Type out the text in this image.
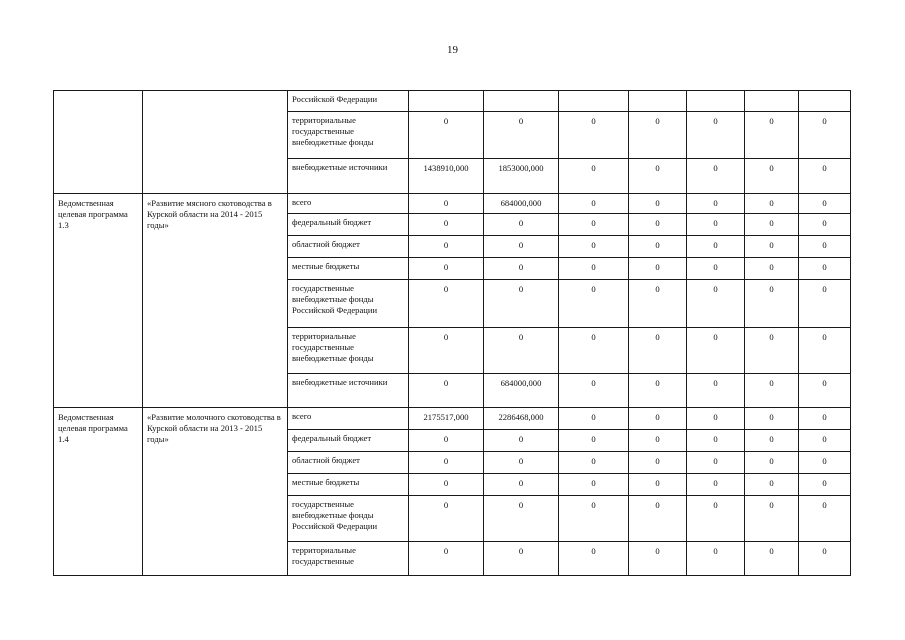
19
		Российской Федерации							
		территориальные государственные внебюджетные фонды	0	0	0	0	0	0	0
		внебюджетные источники	1438910,000	1853000,000	0	0	0	0	0
Ведомственная целевая программа 1.3	«Развитие мясного скотоводства в Курской области на 2014 - 2015 годы»	всего	0	684000,000	0	0	0	0	0
		федеральный бюджет	0	0	0	0	0	0	0
		областной бюджет	0	0	0	0	0	0	0
		местные бюджеты	0	0	0	0	0	0	0
		государственные внебюджетные фонды Российской Федерации	0	0	0	0	0	0	0
		территориальные государственные внебюджетные фонды	0	0	0	0	0	0	0
		внебюджетные источники	0	684000,000	0	0	0	0	0
Ведомственная целевая программа 1.4	«Развитие молочного скотоводства в Курской области на 2013 - 2015 годы»	всего	2175517,000	2286468,000	0	0	0	0	0
		федеральный бюджет	0	0	0	0	0	0	0
		областной бюджет	0	0	0	0	0	0	0
		местные бюджеты	0	0	0	0	0	0	0
		государственные внебюджетные фонды Российской Федерации	0	0	0	0	0	0	0
		территориальные государственные	0	0	0	0	0	0	0
